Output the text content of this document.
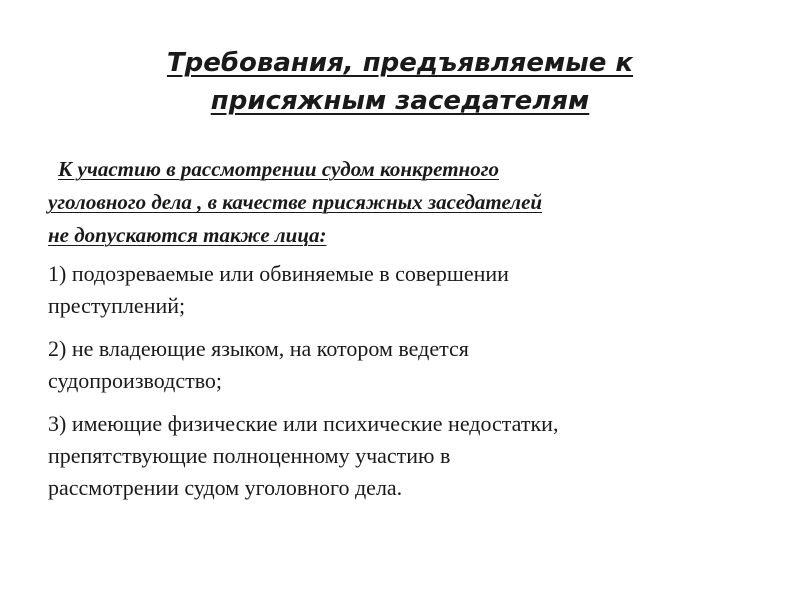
Требования, предъявляемые к
присяжным заседателям
К участию в рассмотрении судом конкретного
уголовного дела , в качестве присяжных заседателей
не допускаются также лица:
1) подозреваемые или обвиняемые в совершении
преступлений;
2) не владеющие языком, на котором ведется
судопроизводство;
3) имеющие физические или психические недостатки,
препятствующие полноценному участию в
рассмотрении судом уголовного дела.
